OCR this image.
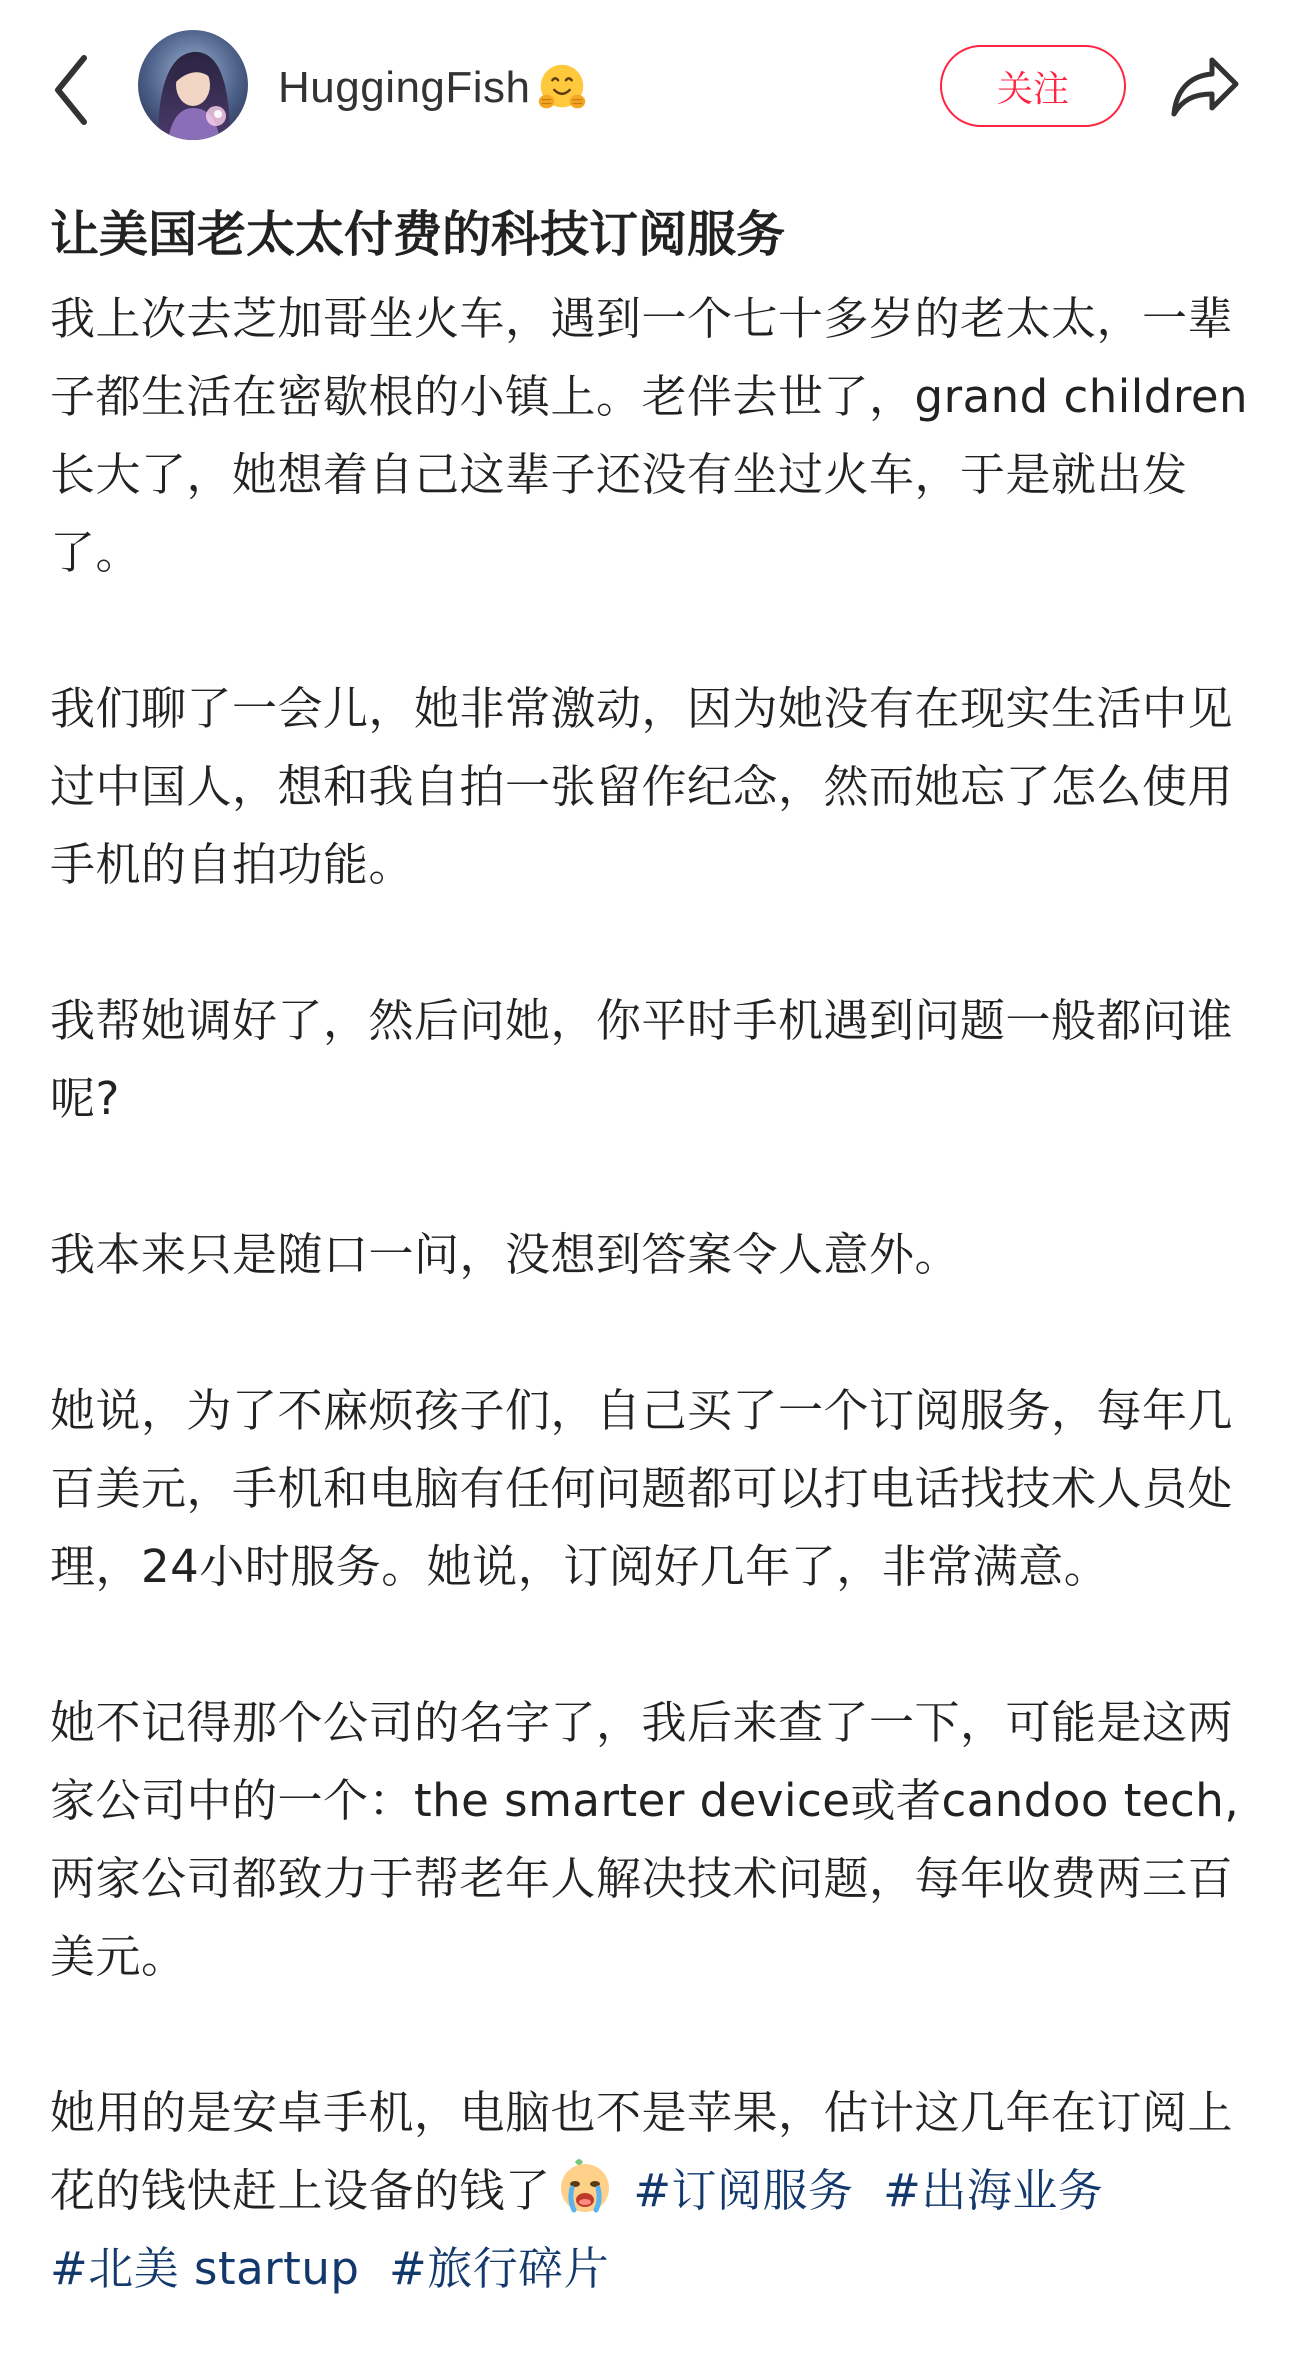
HuggingFish	关注
让美国老太太付费的科技订阅服务

我上次去芝加哥坐火车，遇到一个七十多岁的老太太，一辈子都生活在密歇根的小镇上。老伴去世了，grand children长大了，她想着自己这辈子还没有坐过火车，于是就出发了。

我们聊了一会儿，她非常激动，因为她没有在现实生活中见过中国人，想和我自拍一张留作纪念，然而她忘了怎么使用手机的自拍功能。

我帮她调好了，然后问她，你平时手机遇到问题一般都问谁呢?

我本来只是随口一问，没想到答案令人意外。

她说，为了不麻烦孩子们，自己买了一个订阅服务，每年几百美元，手机和电脑有任何问题都可以打电话找技术人员处理，24小时服务。她说，订阅好几年了，非常满意。

她不记得那个公司的名字了，我后来查了一下，可能是这两家公司中的一个：the smarter device或者candoo tech, 两家公司都致力于帮老年人解决技术问题，每年收费两三百美元。

她用的是安卓手机，电脑也不是苹果，估计这几年在订阅上花的钱快赶上设备的钱了 #订阅服务 #出海业务 #北美 startup #旅行碎片
